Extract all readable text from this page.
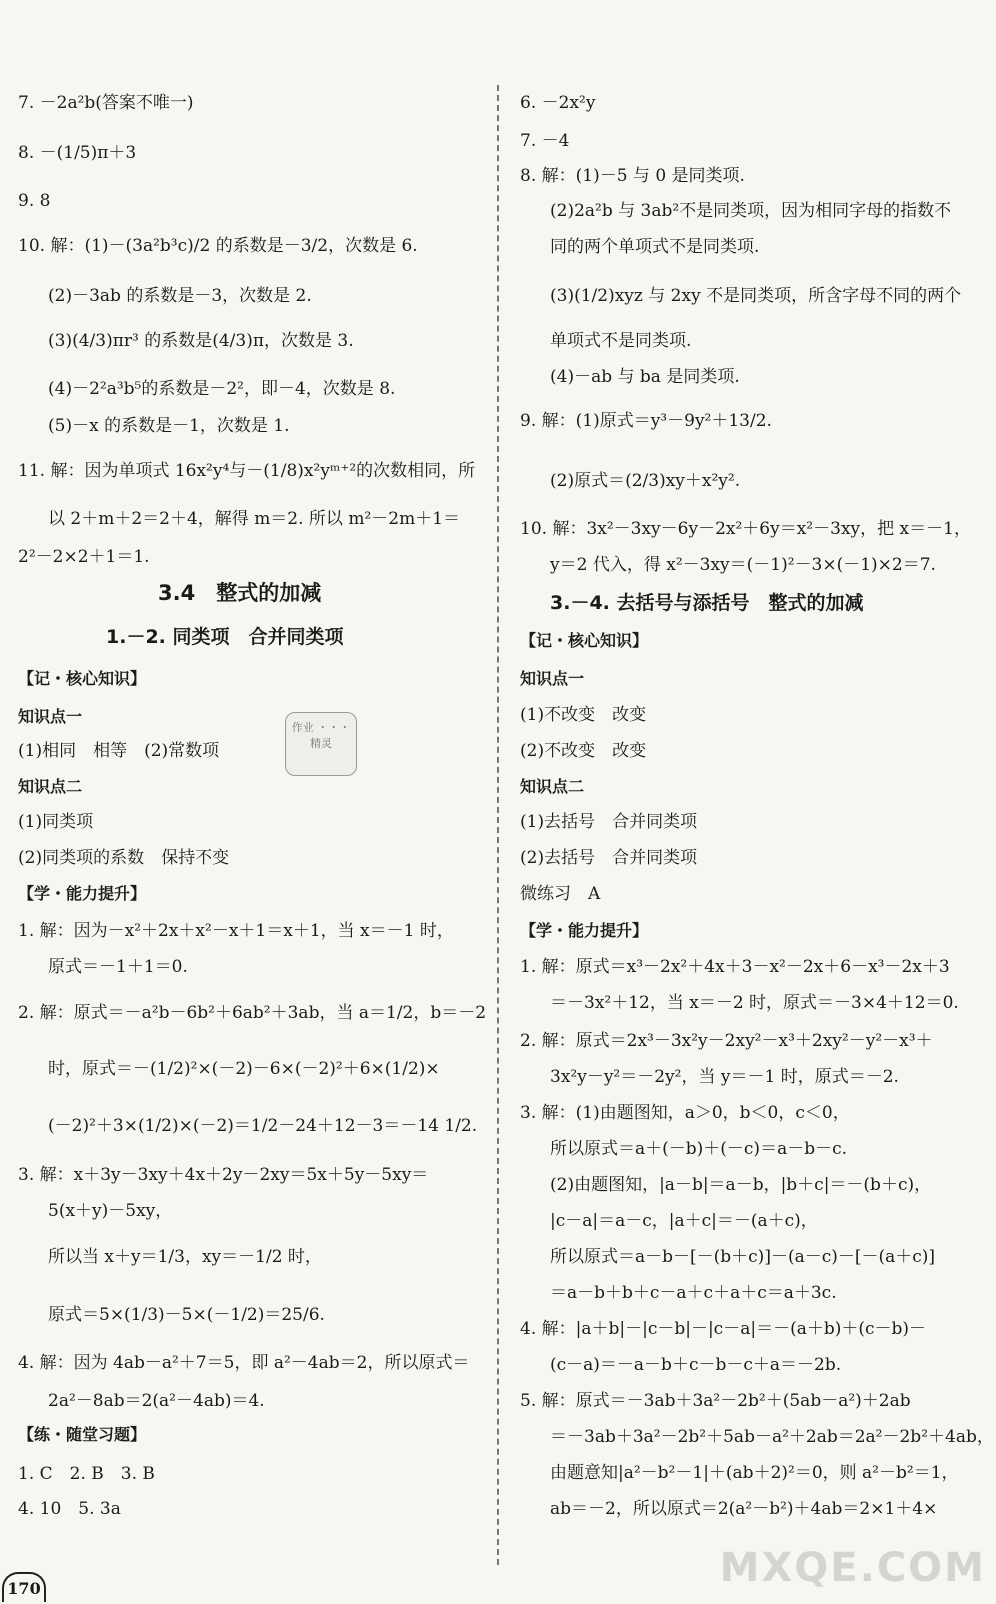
7. －2a²b(答案不唯一)
8. －(1/5)π＋3
9. 8
10. 解：(1)－(3a²b³c)/2 的系数是－3/2，次数是 6.
(2)－3ab 的系数是－3，次数是 2.
(3)(4/3)πr³ 的系数是(4/3)π，次数是 3.
(4)－2²a³b⁵的系数是－2²，即－4，次数是 8.
(5)－x 的系数是－1，次数是 1.
11. 解：因为单项式 16x²y⁴与－(1/8)x²yᵐ⁺²的次数相同，所
以 2＋m＋2＝2＋4，解得 m＝2. 所以 m²－2m＋1＝
2²－2×2＋1＝1.
3.4　整式的加减
1.－2. 同类项　合并同类项
【记・核心知识】
知识点一
(1)相同　相等　(2)常数项
知识点二
(1)同类项
(2)同类项的系数　保持不变
【学・能力提升】
1. 解：因为－x²＋2x＋x²－x＋1＝x＋1，当 x＝－1 时，
原式＝－1＋1＝0.
2. 解：原式＝－a²b－6b²＋6ab²＋3ab，当 a＝1/2，b＝－2
时，原式＝－(1/2)²×(－2)－6×(－2)²＋6×(1/2)×
(－2)²＋3×(1/2)×(－2)＝1/2－24＋12－3＝－14 1/2.
3. 解：x＋3y－3xy＋4x＋2y－2xy＝5x＋5y－5xy＝
5(x＋y)－5xy，
所以当 x＋y＝1/3，xy＝－1/2 时，
原式＝5×(1/3)－5×(－1/2)＝25/6.
4. 解：因为 4ab－a²＋7＝5，即 a²－4ab＝2，所以原式＝
2a²－8ab＝2(a²－4ab)＝4.
【练・随堂习题】
1. C　2. B　3. B
4. 10　5. 3a
6. －2x²y
7. －4
8. 解：(1)－5 与 0 是同类项.
(2)2a²b 与 3ab²不是同类项，因为相同字母的指数不
同的两个单项式不是同类项.
(3)(1/2)xyz 与 2xy 不是同类项，所含字母不同的两个
单项式不是同类项.
(4)－ab 与 ba 是同类项.
9. 解：(1)原式＝y³－9y²＋13/2.
(2)原式＝(2/3)xy＋x²y².
10. 解：3x²－3xy－6y－2x²＋6y＝x²－3xy，把 x＝－1，
y＝2 代入，得 x²－3xy＝(－1)²－3×(－1)×2＝7.
3.－4. 去括号与添括号　整式的加减
【记・核心知识】
知识点一
(1)不改变　改变
(2)不改变　改变
知识点二
(1)去括号　合并同类项
(2)去括号　合并同类项
微练习　A
【学・能力提升】
1. 解：原式＝x³－2x²＋4x＋3－x²－2x＋6－x³－2x＋3
＝－3x²＋12，当 x＝－2 时，原式＝－3×4＋12＝0.
2. 解：原式＝2x³－3x²y－2xy²－x³＋2xy²－y²－x³＋
3x²y－y²＝－2y²，当 y＝－1 时，原式＝－2.
3. 解：(1)由题图知，a＞0，b＜0，c＜0，
所以原式＝a＋(－b)＋(－c)＝a－b－c.
(2)由题图知，|a－b|＝a－b，|b＋c|＝－(b＋c)，
|c－a|＝a－c，|a＋c|＝－(a＋c)，
所以原式＝a－b－[－(b＋c)]－(a－c)－[－(a＋c)]
＝a－b＋b＋c－a＋c＋a＋c＝a＋3c.
4. 解：|a＋b|－|c－b|－|c－a|＝－(a＋b)＋(c－b)－
(c－a)＝－a－b＋c－b－c＋a＝－2b.
5. 解：原式＝－3ab＋3a²－2b²＋(5ab－a²)＋2ab
＝－3ab＋3a²－2b²＋5ab－a²＋2ab＝2a²－2b²＋4ab，
由题意知|a²－b²－1|＋(ab＋2)²＝0，则 a²－b²＝1，
ab＝－2，所以原式＝2(a²－b²)＋4ab＝2×1＋4×
作业 ・・・ 精灵
170	MXQE.COM
